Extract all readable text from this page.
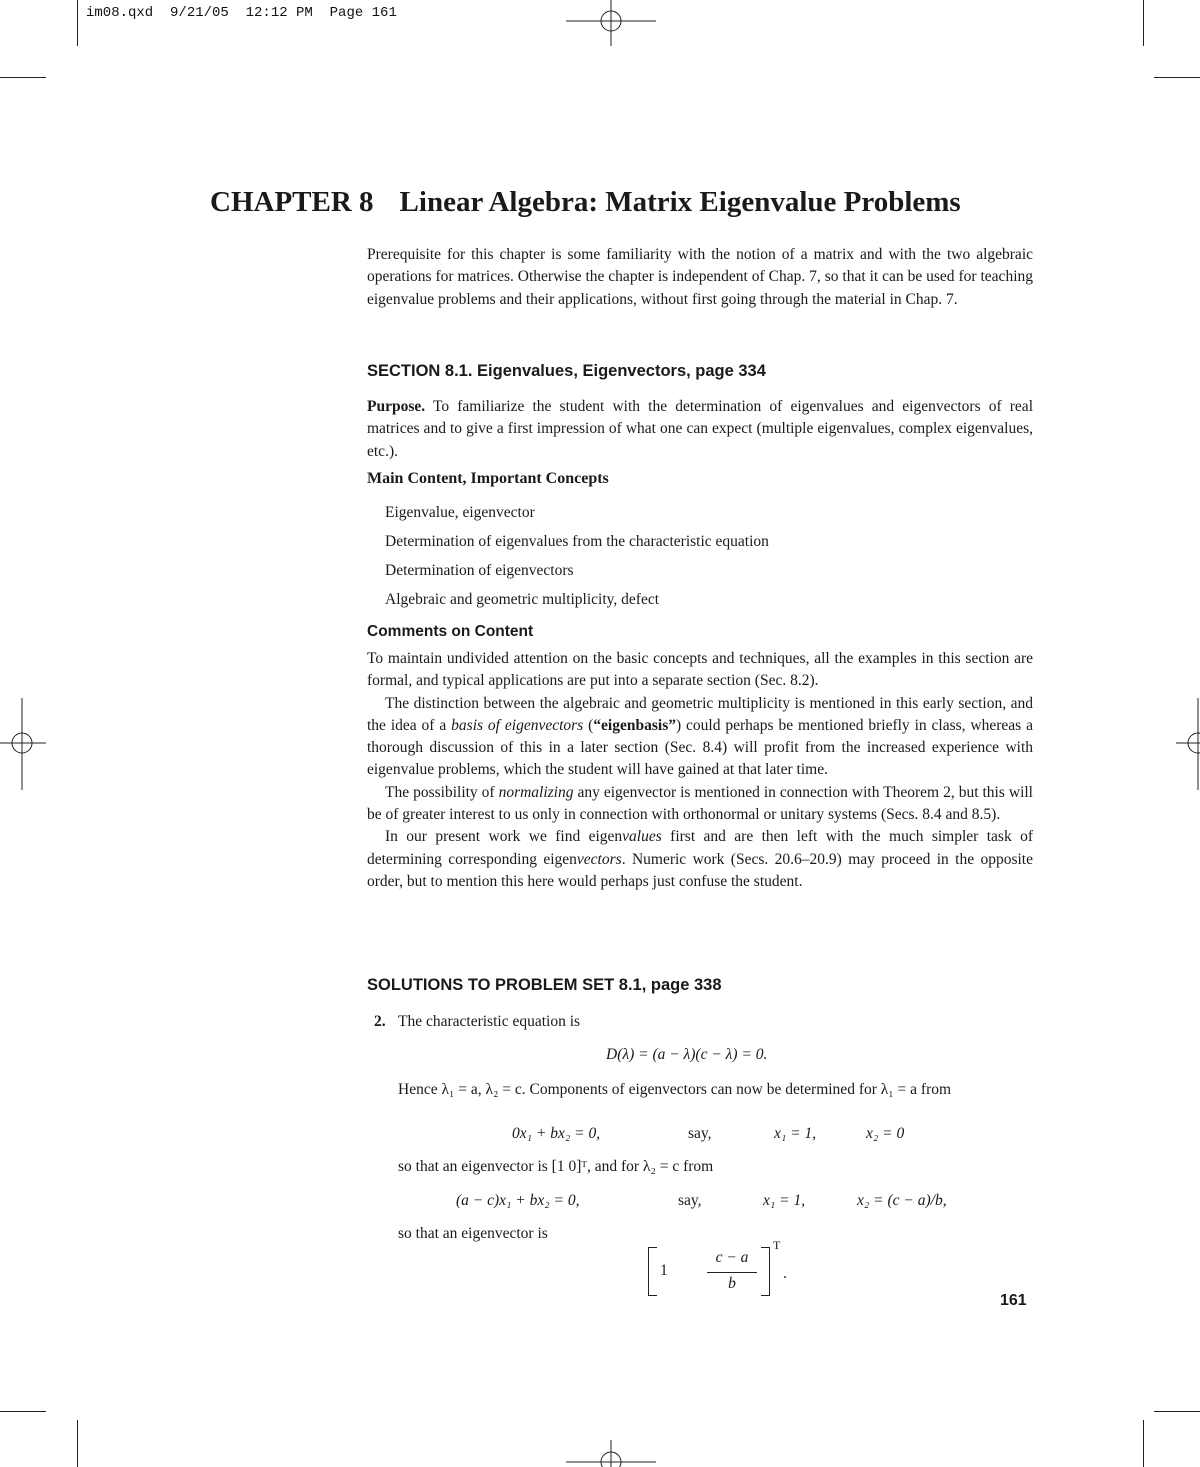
im08.qxd  9/21/05  12:12 PM  Page 161
CHAPTER 8 Linear Algebra: Matrix Eigenvalue Problems
Prerequisite for this chapter is some familiarity with the notion of a matrix and with the two algebraic operations for matrices. Otherwise the chapter is independent of Chap. 7, so that it can be used for teaching eigenvalue problems and their applications, without first going through the material in Chap. 7.
SECTION 8.1. Eigenvalues, Eigenvectors, page 334
Purpose. To familiarize the student with the determination of eigenvalues and eigenvectors of real matrices and to give a first impression of what one can expect (multiple eigenvalues, complex eigenvalues, etc.).
Main Content, Important Concepts
Eigenvalue, eigenvector
Determination of eigenvalues from the characteristic equation
Determination of eigenvectors
Algebraic and geometric multiplicity, defect
Comments on Content
To maintain undivided attention on the basic concepts and techniques, all the examples in this section are formal, and typical applications are put into a separate section (Sec. 8.2).
The distinction between the algebraic and geometric multiplicity is mentioned in this early section, and the idea of a basis of eigenvectors (“eigenbasis”) could perhaps be mentioned briefly in class, whereas a thorough discussion of this in a later section (Sec. 8.4) will profit from the increased experience with eigenvalue problems, which the student will have gained at that later time.
The possibility of normalizing any eigenvector is mentioned in connection with Theorem 2, but this will be of greater interest to us only in connection with orthonormal or unitary systems (Secs. 8.4 and 8.5).
In our present work we find eigenvalues first and are then left with the much simpler task of determining corresponding eigenvectors. Numeric work (Secs. 20.6–20.9) may proceed in the opposite order, but to mention this here would perhaps just confuse the student.
SOLUTIONS TO PROBLEM SET 8.1, page 338
2. The characteristic equation is
D(λ) = (a − λ)(c − λ) = 0.
Hence λ₁ = a, λ₂ = c. Components of eigenvectors can now be determined for λ₁ = a from
0x₁ + bx₂ = 0,	say,	x₁ = 1,	x₂ = 0
so that an eigenvector is [1 0]ᵀ, and for λ₂ = c from
(a − c)x₁ + bx₂ = 0,	say,	x₁ = 1,	x₂ = (c − a)/b,
so that an eigenvector is
1
c − a
b
T
.
161
